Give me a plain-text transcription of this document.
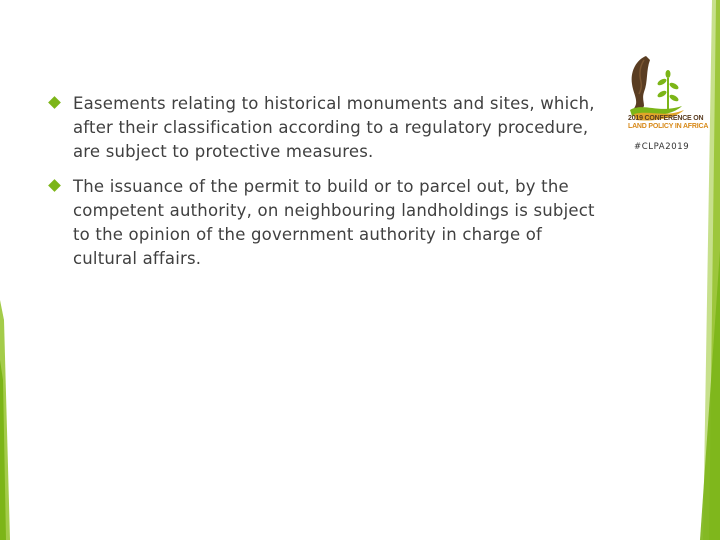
Easements relating to historical monuments and sites, which, after their classification according to a regulatory procedure, are subject to protective measures.
The issuance of the permit to build or to parcel out, by the competent authority, on neighbouring landholdings is subject to the opinion of the government authority in charge of cultural affairs.
2019 CONFERENCE ON
LAND POLICY IN AFRICA
#CLPA2019
